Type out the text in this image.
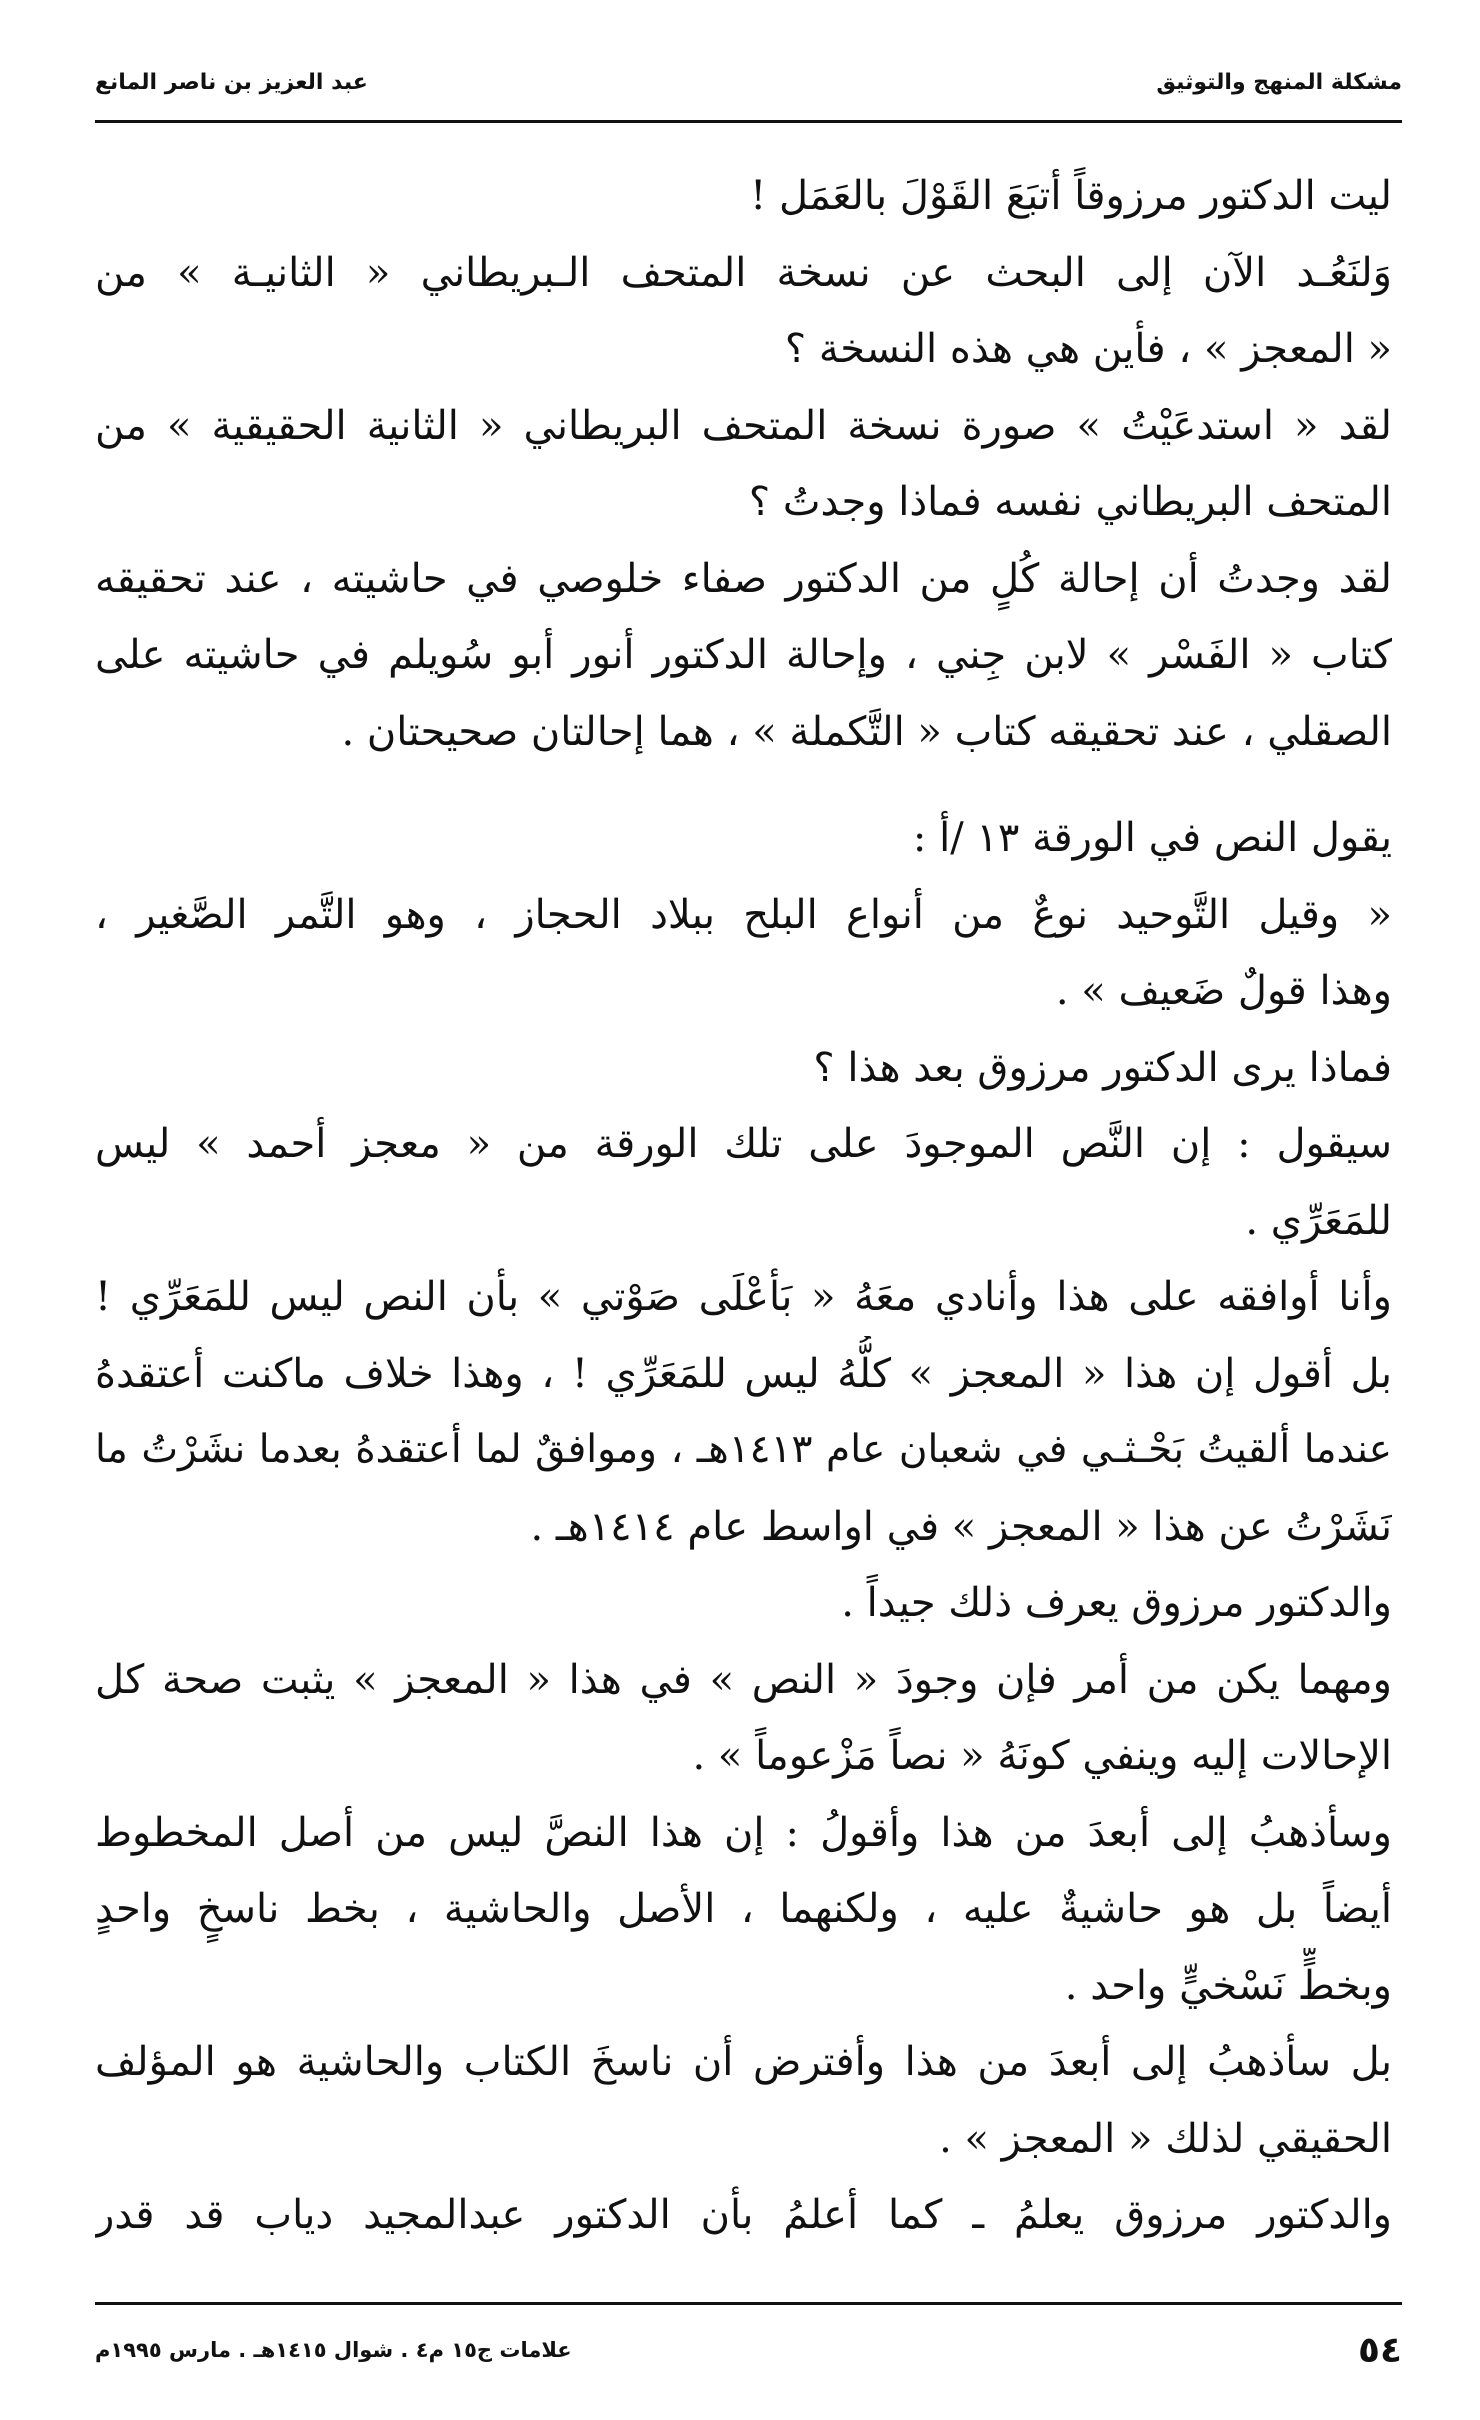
مشكلة المنهج والتوثيق
عبد العزيز بن ناصر المانع
ليت الدكتور مرزوقاً أتبَعَ القَوْلَ بالعَمَل !
وَلنَعُـد الآن إلى البحث عن نسخة المتحف الـبريطاني « الثانيـة » من
« المعجز » ، فأين هي هذه النسخة ؟
لقد « استدعَيْتُ » صورة نسخة المتحف البريطاني « الثانية الحقيقية » من
المتحف البريطاني نفسه فماذا وجدتُ ؟
لقد وجدتُ أن إحالة كُلٍ من الدكتور صفاء خلوصي في حاشيته ، عند تحقيقه
كتاب « الفَسْر » لابن جِني ، وإحالة الدكتور أنور أبو سُويلم في حاشيته على
الصقلي ، عند تحقيقه كتاب « التَّكملة » ، هما إحالتان صحيحتان .
يقول النص في الورقة ١٣ /أ :
« وقيل التَّوحيد نوعٌ من أنواع البلح ببلاد الحجاز ، وهو التَّمر الصَّغير ،
وهذا قولٌ ضَعيف » .
فماذا يرى الدكتور مرزوق بعد هذا ؟
سيقول : إن النَّص الموجودَ على تلك الورقة من « معجز أحمد » ليس
للمَعَرِّي .
وأنا أوافقه على هذا وأنادي معَهُ « بَأعْلَى صَوْتي » بأن النص ليس للمَعَرِّي !
بل أقول إن هذا « المعجز » كلُّهُ ليس للمَعَرِّي ! ، وهذا خلاف ماكنت أعتقدهُ
عندما ألقيتُ بَحْـثـي في شعبان عام ١٤١٣هـ ، وموافقٌ لما أعتقدهُ بعدما نشَرْتُ ما
نَشَرْتُ عن هذا « المعجز » في اواسط عام ١٤١٤هـ .
والدكتور مرزوق يعرف ذلك جيداً .
ومهما يكن من أمر فإن وجودَ « النص » في هذا « المعجز » يثبت صحة كل
الإحالات إليه وينفي كونَهُ « نصاً مَزْعوماً » .
وسأذهبُ إلى أبعدَ من هذا وأقولُ : إن هذا النصَّ ليس من أصل المخطوط
أيضاً بل هو حاشيةٌ عليه ، ولكنهما ، الأصل والحاشية ، بخط ناسخٍ واحدٍ
وبخطٍّ نَسْخيٍّ واحد .
بل سأذهبُ إلى أبعدَ من هذا وأفترض أن ناسخَ الكتاب والحاشية هو المؤلف
الحقيقي لذلك « المعجز » .
والدكتور مرزوق يعلمُ ـ كما أعلمُ بأن الدكتور عبدالمجيد دياب قد قدر
٥٤
علامات ج١٥ م٤ . شوال ١٤١٥هـ . مارس ١٩٩٥م
